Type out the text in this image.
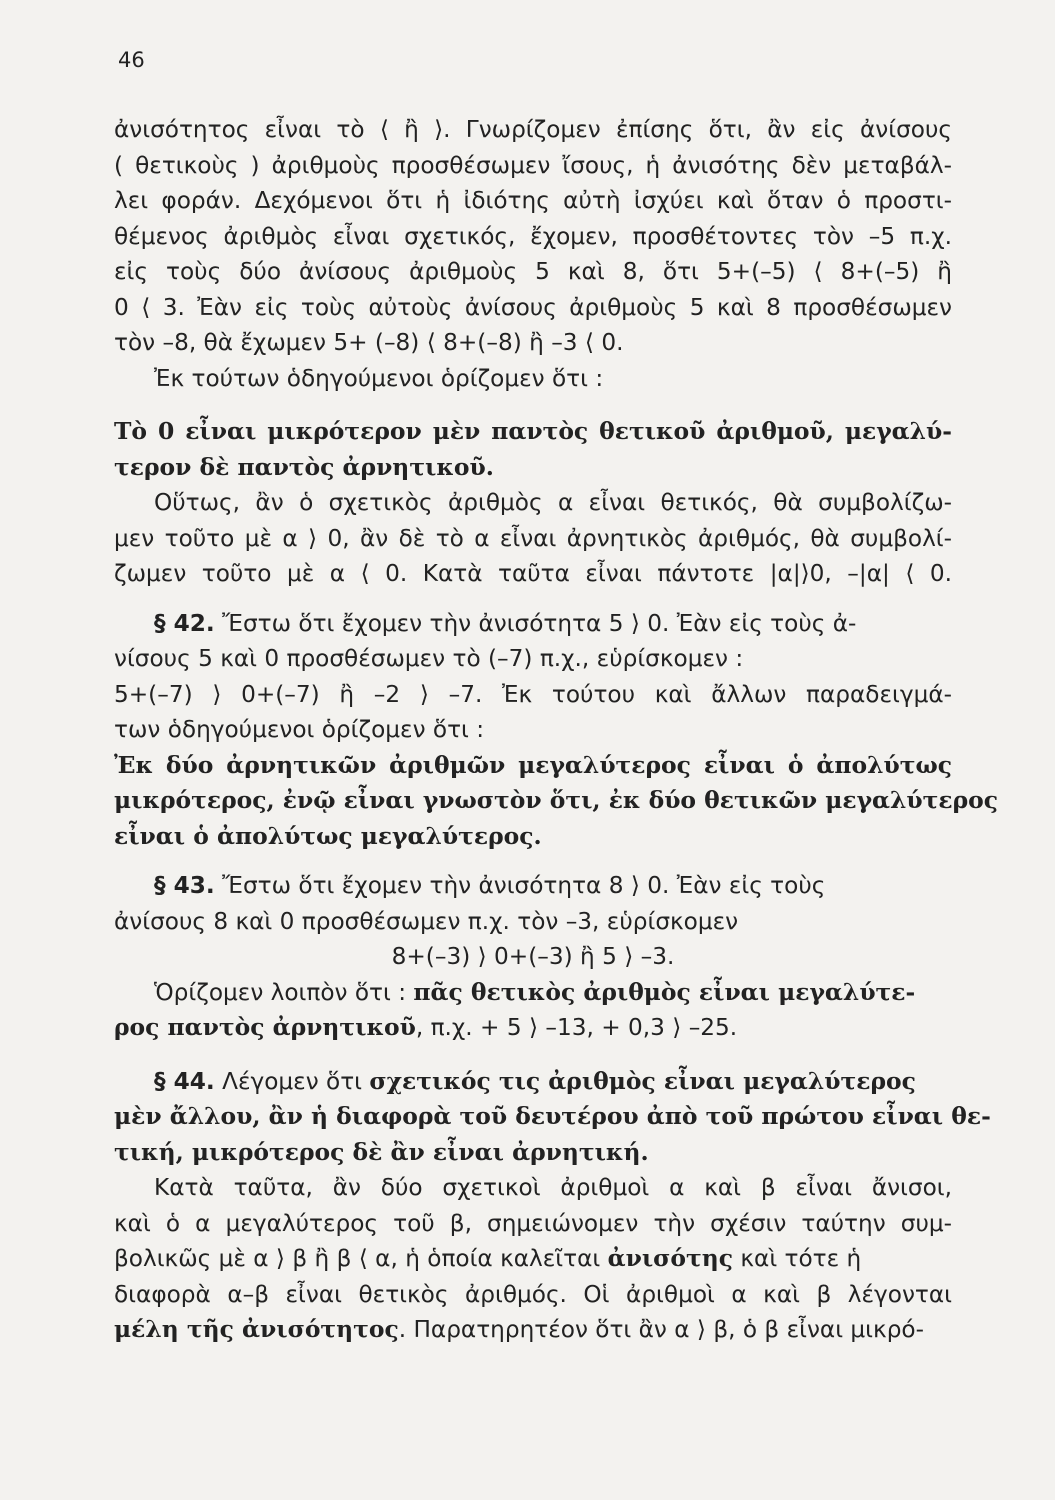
46
ἀνισότητος εἶναι τὸ ⟨ ἢ ⟩. Γνωρίζομεν ἐπίσης ὅτι, ἂν εἰς ἀνίσους
( θετικοὺς ) ἀριθμοὺς προσθέσωμεν ἴσους, ἡ ἀνισότης δὲν μεταβάλ-
λει φοράν. Δεχόμενοι ὅτι ἡ ἰδιότης αὐτὴ ἰσχύει καὶ ὅταν ὁ προστι-
θέμενος ἀριθμὸς εἶναι σχετικός, ἔχομεν, προσθέτοντες τὸν –5 π.χ.
εἰς τοὺς δύο ἀνίσους ἀριθμοὺς 5 καὶ 8, ὅτι 5+(–5) ⟨ 8+(–5) ἢ
0 ⟨ 3. Ἐὰν εἰς τοὺς αὐτοὺς ἀνίσους ἀριθμοὺς 5 καὶ 8 προσθέσωμεν
τὸν –8, θὰ ἔχωμεν 5+ (–8) ⟨ 8+(–8) ἢ –3 ⟨ 0.
Ἐκ τούτων ὁδηγούμενοι ὁρίζομεν ὅτι :
Τὸ 0 εἶναι μικρότερον μὲν παντὸς θετικοῦ ἀριθμοῦ, μεγαλύ-
τερον δὲ παντὸς ἀρνητικοῦ.
Οὕτως, ἂν ὁ σχετικὸς ἀριθμὸς α εἶναι θετικός, θὰ συμβολίζω-
μεν τοῦτο μὲ α ⟩ 0, ἂν δὲ τὸ α εἶναι ἀρνητικὸς ἀριθμός, θὰ συμβολί-
ζωμεν τοῦτο μὲ α ⟨ 0. Κατὰ ταῦτα εἶναι πάντοτε |α|⟩0, –|α| ⟨ 0.
§ 42. Ἔστω ὅτι ἔχομεν τὴν ἀνισότητα 5 ⟩ 0. Ἐὰν εἰς τοὺς ἀ-
νίσους 5 καὶ 0 προσθέσωμεν τὸ (–7) π.χ., εὑρίσκομεν :
5+(–7) ⟩ 0+(–7) ἢ –2 ⟩ –7. Ἐκ τούτου καὶ ἄλλων παραδειγμά-
των ὁδηγούμενοι ὁρίζομεν ὅτι :
Ἐκ δύο ἀρνητικῶν ἀριθμῶν μεγαλύτερος εἶναι ὁ ἀπολύτως
μικρότερος, ἐνῷ εἶναι γνωστὸν ὅτι, ἐκ δύο θετικῶν μεγαλύτερος
εἶναι ὁ ἀπολύτως μεγαλύτερος.
§ 43. Ἔστω ὅτι ἔχομεν τὴν ἀνισότητα 8 ⟩ 0. Ἐὰν εἰς τοὺς
ἀνίσους 8 καὶ 0 προσθέσωμεν π.χ. τὸν –3, εὑρίσκομεν
8+(–3) ⟩ 0+(–3) ἢ 5 ⟩ –3.
Ὁρίζομεν λοιπὸν ὅτι : πᾶς θετικὸς ἀριθμὸς εἶναι μεγαλύτε-
ρος παντὸς ἀρνητικοῦ, π.χ. + 5 ⟩ –13, + 0,3 ⟩ –25.
§ 44. Λέγομεν ὅτι σχετικός τις ἀριθμὸς εἶναι μεγαλύτερος
μὲν ἄλλου, ἂν ἡ διαφορὰ τοῦ δευτέρου ἀπὸ τοῦ πρώτου εἶναι θε-
τική, μικρότερος δὲ ἂν εἶναι ἀρνητική.
Κατὰ ταῦτα, ἂν δύο σχετικοὶ ἀριθμοὶ α καὶ β εἶναι ἄνισοι,
καὶ ὁ α μεγαλύτερος τοῦ β, σημειώνομεν τὴν σχέσιν ταύτην συμ-
βολικῶς μὲ α ⟩ β ἢ β ⟨ α, ἡ ὁποία καλεῖται ἀνισότης καὶ τότε ἡ
διαφορὰ α–β εἶναι θετικὸς ἀριθμός. Οἱ ἀριθμοὶ α καὶ β λέγονται
μέλη τῆς ἀνισότητος. Παρατηρητέον ὅτι ἂν α ⟩ β, ὁ β εἶναι μικρό-
